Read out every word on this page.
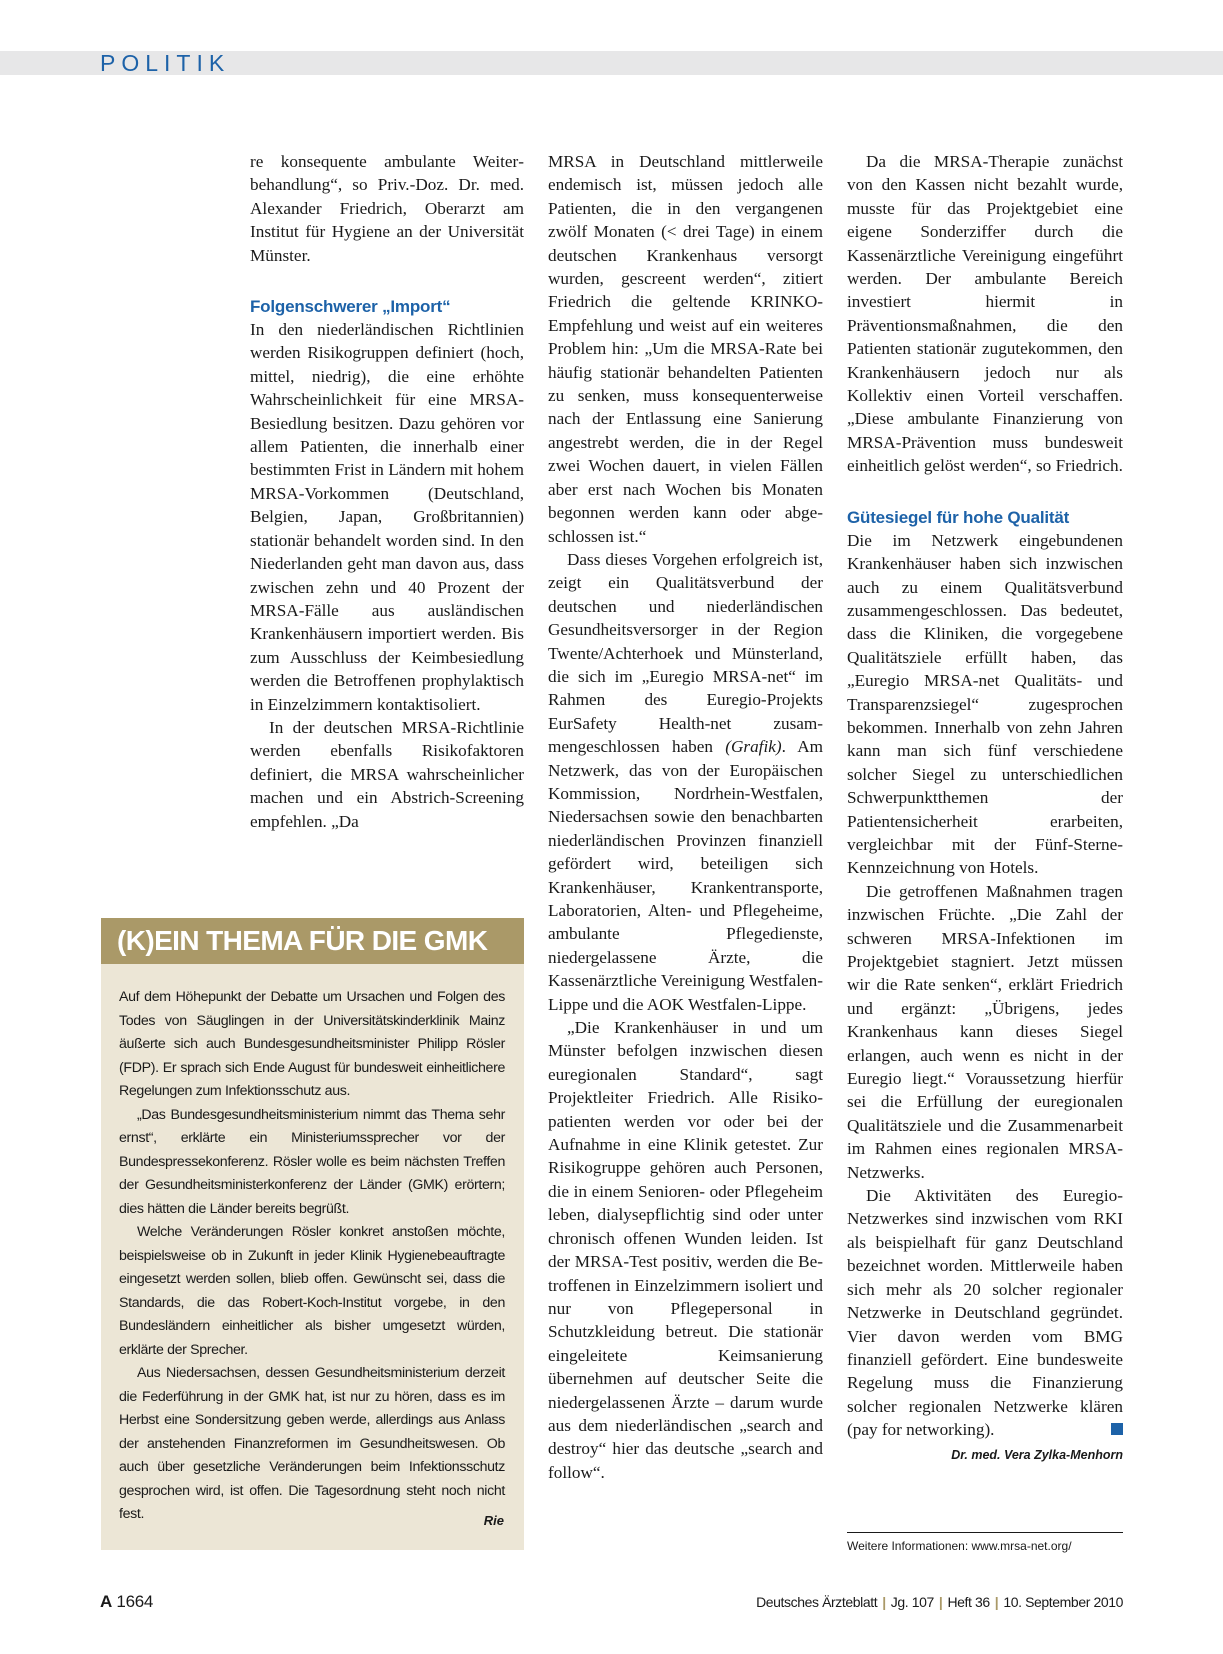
POLITIK

re konsequente ambulante Weiterbehandlung“, so Priv.-Doz. Dr. med. Alexander Friedrich, Oberarzt am Institut für Hygiene an der Universität Münster.

Folgenschwerer „Import“

In den niederländischen Richtlinien werden Risikogruppen definiert (hoch, mittel, niedrig), die eine erhöhte Wahrscheinlichkeit für eine MRSA-Besiedlung besitzen. Dazu gehören vor allem Patienten, die innerhalb einer bestimmten Frist in Ländern mit hohem MRSA-Vorkommen (Deutschland, Belgien, Japan, Großbritannien) stationär behandelt worden sind. In den Niederlanden geht man davon aus, dass zwischen zehn und 40 Prozent der MRSA-Fälle aus ausländischen Krankenhäusern importiert werden. Bis zum Ausschluss der Keimbesiedlung werden die Betroffenen prophylaktisch in Einzelzimmern kontaktisoliert.

In der deutschen MRSA-Richtlinie werden ebenfalls Risikofaktoren definiert, die MRSA wahrscheinlicher machen und ein Abstrich-Screening empfehlen. „Da

MRSA in Deutschland mittlerweile endemisch ist, müssen jedoch alle Patienten, die in den vergangenen zwölf Monaten (< drei Tage) in einem deutschen Krankenhaus versorgt wurden, gescreent werden“, zitiert Friedrich die geltende KRINKO-Empfehlung und weist auf ein weiteres Problem hin: „Um die MRSA-Rate bei häufig stationär behandelten Patienten zu senken, muss konsequenterweise nach der Entlassung eine Sanierung angestrebt werden, die in der Regel zwei Wochen dauert, in vielen Fällen aber erst nach Wochen bis Monaten begonnen werden kann oder abgeschlossen ist.“

Dass dieses Vorgehen erfolgreich ist, zeigt ein Qualitätsverbund der deutschen und niederländischen Gesundheitsversorger in der Region Twente/Achterhoek und Münsterland, die sich im „Euregio MRSA-net“ im Rahmen des Euregio-Projekts EurSafety Health-net zusammengeschlossen haben (Grafik). Am Netzwerk, das von der Europäischen Kommission, Nordrhein-Westfalen, Niedersachsen sowie den benachbarten niederländischen Provinzen finanziell gefördert wird, beteiligen sich Krankenhäuser, Krankentransporte, Laboratorien, Alten- und Pflegeheime, ambulante Pflegedienste, niedergelassene Ärzte, die Kassenärztliche Vereinigung Westfalen-Lippe und die AOK Westfalen-Lippe.

„Die Krankenhäuser in und um Münster befolgen inzwischen diesen euregionalen Standard“, sagt Projektleiter Friedrich. Alle Risikopatienten werden vor oder bei der Aufnahme in eine Klinik getestet. Zur Risikogruppe gehören auch Personen, die in einem Senioren- oder Pflegeheim leben, dialysepflichtig sind oder unter chronisch offenen Wunden leiden. Ist der MRSA-Test positiv, werden die Betroffenen in Einzelzimmern isoliert und nur von Pflegepersonal in Schutzkleidung betreut. Die stationär eingeleitete Keimsanierung übernehmen auf deutscher Seite die niedergelassenen Ärzte – darum wurde aus dem niederländischen „search and destroy“ hier das deutsche „search and follow“.

Da die MRSA-Therapie zunächst von den Kassen nicht bezahlt wurde, musste für das Projektgebiet eine eigene Sonderziffer durch die Kassenärztliche Vereinigung eingeführt werden. Der ambulante Bereich investiert hiermit in Präventionsmaßnahmen, die den Patienten stationär zugutekommen, den Krankenhäusern jedoch nur als Kollektiv einen Vorteil verschaffen. „Diese ambulante Finanzierung von MRSA-Prävention muss bundesweit einheitlich gelöst werden“, so Friedrich.

Gütesiegel für hohe Qualität

Die im Netzwerk eingebundenen Krankenhäuser haben sich inzwischen auch zu einem Qualitätsverbund zusammengeschlossen. Das bedeutet, dass die Kliniken, die vorgegebene Qualitätsziele erfüllt haben, das „Euregio MRSA-net Qualitäts- und Transparenzsiegel“ zugesprochen bekommen. Innerhalb von zehn Jahren kann man sich fünf verschiedene solcher Siegel zu unterschiedlichen Schwerpunktthemen der Patientensicherheit erarbeiten, vergleichbar mit der Fünf-Sterne-Kennzeichnung von Hotels.

Die getroffenen Maßnahmen tragen inzwischen Früchte. „Die Zahl der schweren MRSA-Infektionen im Projektgebiet stagniert. Jetzt müssen wir die Rate senken“, erklärt Friedrich und ergänzt: „Übrigens, jedes Krankenhaus kann dieses Siegel erlangen, auch wenn es nicht in der Euregio liegt.“ Voraussetzung hierfür sei die Erfüllung der euregionalen Qualitätsziele und die Zusammenarbeit im Rahmen eines regionalen MRSA-Netzwerks.

Die Aktivitäten des Euregio-Netzwerkes sind inzwischen vom RKI als beispielhaft für ganz Deutschland bezeichnet worden. Mittlerweile haben sich mehr als 20 solcher regionaler Netzwerke in Deutschland gegründet. Vier davon werden vom BMG finanziell gefördert. Eine bundesweite Regelung muss die Finanzierung solcher regionalen Netzwerke klären (pay for networking).

Dr. med. Vera Zylka-Menhorn
Weitere Informationen: www.mrsa-net.org/
(K)EIN THEMA FÜR DIE GMK

Auf dem Höhepunkt der Debatte um Ursachen und Folgen des Todes von Säuglingen in der Universitätskinderklinik Mainz äußerte sich auch Bundesgesundheitsminister Philipp Rösler (FDP). Er sprach sich Ende August für bundesweit einheitlichere Regelungen zum Infektionsschutz aus.

„Das Bundesgesundheitsministerium nimmt das Thema sehr ernst“, erklärte ein Ministeriumssprecher vor der Bundespressekonferenz. Rösler wolle es beim nächsten Treffen der Gesundheitsministerkonferenz der Länder (GMK) erörtern; dies hätten die Länder bereits begrüßt.

Welche Veränderungen Rösler konkret anstoßen möchte, beispielsweise ob in Zukunft in jeder Klinik Hygienebeauftragte eingesetzt werden sollen, blieb offen. Gewünscht sei, dass die Standards, die das Robert-Koch-Institut vorgebe, in den Bundesländern einheitlicher als bisher umgesetzt würden, erklärte der Sprecher.

Aus Niedersachsen, dessen Gesundheitsministerium derzeit die Federführung in der GMK hat, ist nur zu hören, dass es im Herbst eine Sondersitzung geben werde, allerdings aus Anlass der anstehenden Finanzreformen im Gesundheitswesen. Ob auch über gesetzliche Veränderungen beim Infektionsschutz gesprochen wird, ist offen. Die Tagesordnung steht noch nicht fest.	Rie
A 1664	Deutsches Ärzteblatt | Jg. 107 | Heft 36 | 10. September 2010
